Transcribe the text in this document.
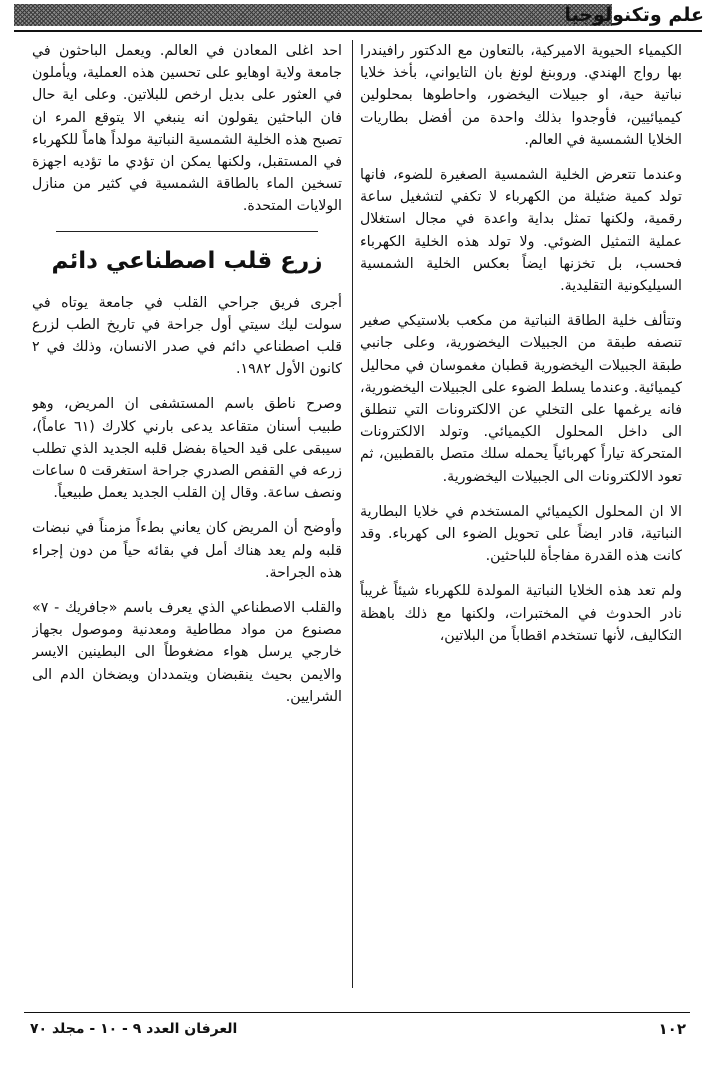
علم وتكنولوجيا

الكيمياء الحيوية الاميركية، بالتعاون مع الدكتور رافيندرا بها رواج الهندي. وروبنغ لونغ بان التايواني، بأخذ خلايا نباتية حية، او جبيلات اليخضور، واحاطوها بمحلولين كيميائيين، فأوجدوا بذلك واحدة من أفضل بطاريات الخلايا الشمسية في العالم.

وعندما تتعرض الخلية الشمسية الصغيرة للضوء، فانها تولد كمية ضئيلة من الكهرباء لا تكفي لتشغيل ساعة رقمية، ولكنها تمثل بداية واعدة في مجال استغلال عملية التمثيل الضوئي. ولا تولد هذه الخلية الكهرباء فحسب، بل تخزنها ايضاً بعكس الخلية الشمسية السيليكونية التقليدية.

وتتألف خلية الطاقة النباتية من مكعب بلاستيكي صغير تنصفه طبقة من الجبيلات اليخضورية، وعلى جانبي طبقة الجبيلات اليخضورية قطبان مغموسان في محاليل كيميائية. وعندما يسلط الضوء على الجبيلات اليخضورية، فانه يرغمها على التخلي عن الالكترونات التي تنطلق الى داخل المحلول الكيميائي. وتولد الالكترونات المتحركة تياراً كهربائياً يحمله سلك متصل بالقطبين، ثم تعود الالكترونات الى الجبيلات اليخضورية.

الا ان المحلول الكيميائي المستخدم في خلايا البطارية النباتية، قادر ايضاً على تحويل الضوء الى كهرباء. وقد كانت هذه القدرة مفاجأة للباحثين.

ولم تعد هذه الخلايا النباتية المولدة للكهرباء شيئاً غريباً نادر الحدوث في المختبرات، ولكنها مع ذلك باهظة التكاليف، لأنها تستخدم اقطاباً من البلاتين،

احد اغلى المعادن في العالم. ويعمل الباحثون في جامعة ولاية اوهايو على تحسين هذه العملية، ويأملون في العثور على بديل ارخص للبلاتين. وعلى اية حال فان الباحثين يقولون انه ينبغي الا يتوقع المرء ان تصبح هذه الخلية الشمسية النباتية مولداً هاماً للكهرباء في المستقبل، ولكنها يمكن ان تؤدي ما تؤديه اجهزة تسخين الماء بالطاقة الشمسية في كثير من منازل الولايات المتحدة.

زرع قلب اصطناعي دائم

أجرى فريق جراحي القلب في جامعة يوتاه في سولت ليك سيتي أول جراحة في تاريخ الطب لزرع قلب اصطناعي دائم في صدر الانسان، وذلك في ٢ كانون الأول ١٩٨٢.

وصرح ناطق باسم المستشفى ان المريض، وهو طبيب أسنان متقاعد يدعى بارني كلارك (٦١ عاماً)، سيبقى على قيد الحياة بفضل قلبه الجديد الذي تطلب زرعه في القفص الصدري جراحة استغرقت ٥ ساعات ونصف ساعة. وقال إن القلب الجديد يعمل طبيعياً.

وأوضح أن المريض كان يعاني بطءاً مزمناً في نبضات قلبه ولم يعد هناك أمل في بقائه حياً من دون إجراء هذه الجراحة.

والقلب الاصطناعي الذي يعرف باسم «جافريك - ٧» مصنوع من مواد مطاطية ومعدنية وموصول بجهاز خارجي يرسل هواء مضغوطاً الى البطينين الايسر والايمن بحيث ينقبضان ويتمددان ويضخان الدم الى الشرايين.

العرفان العدد ٩ - ١٠ - مجلد ٧٠	١٠٢
